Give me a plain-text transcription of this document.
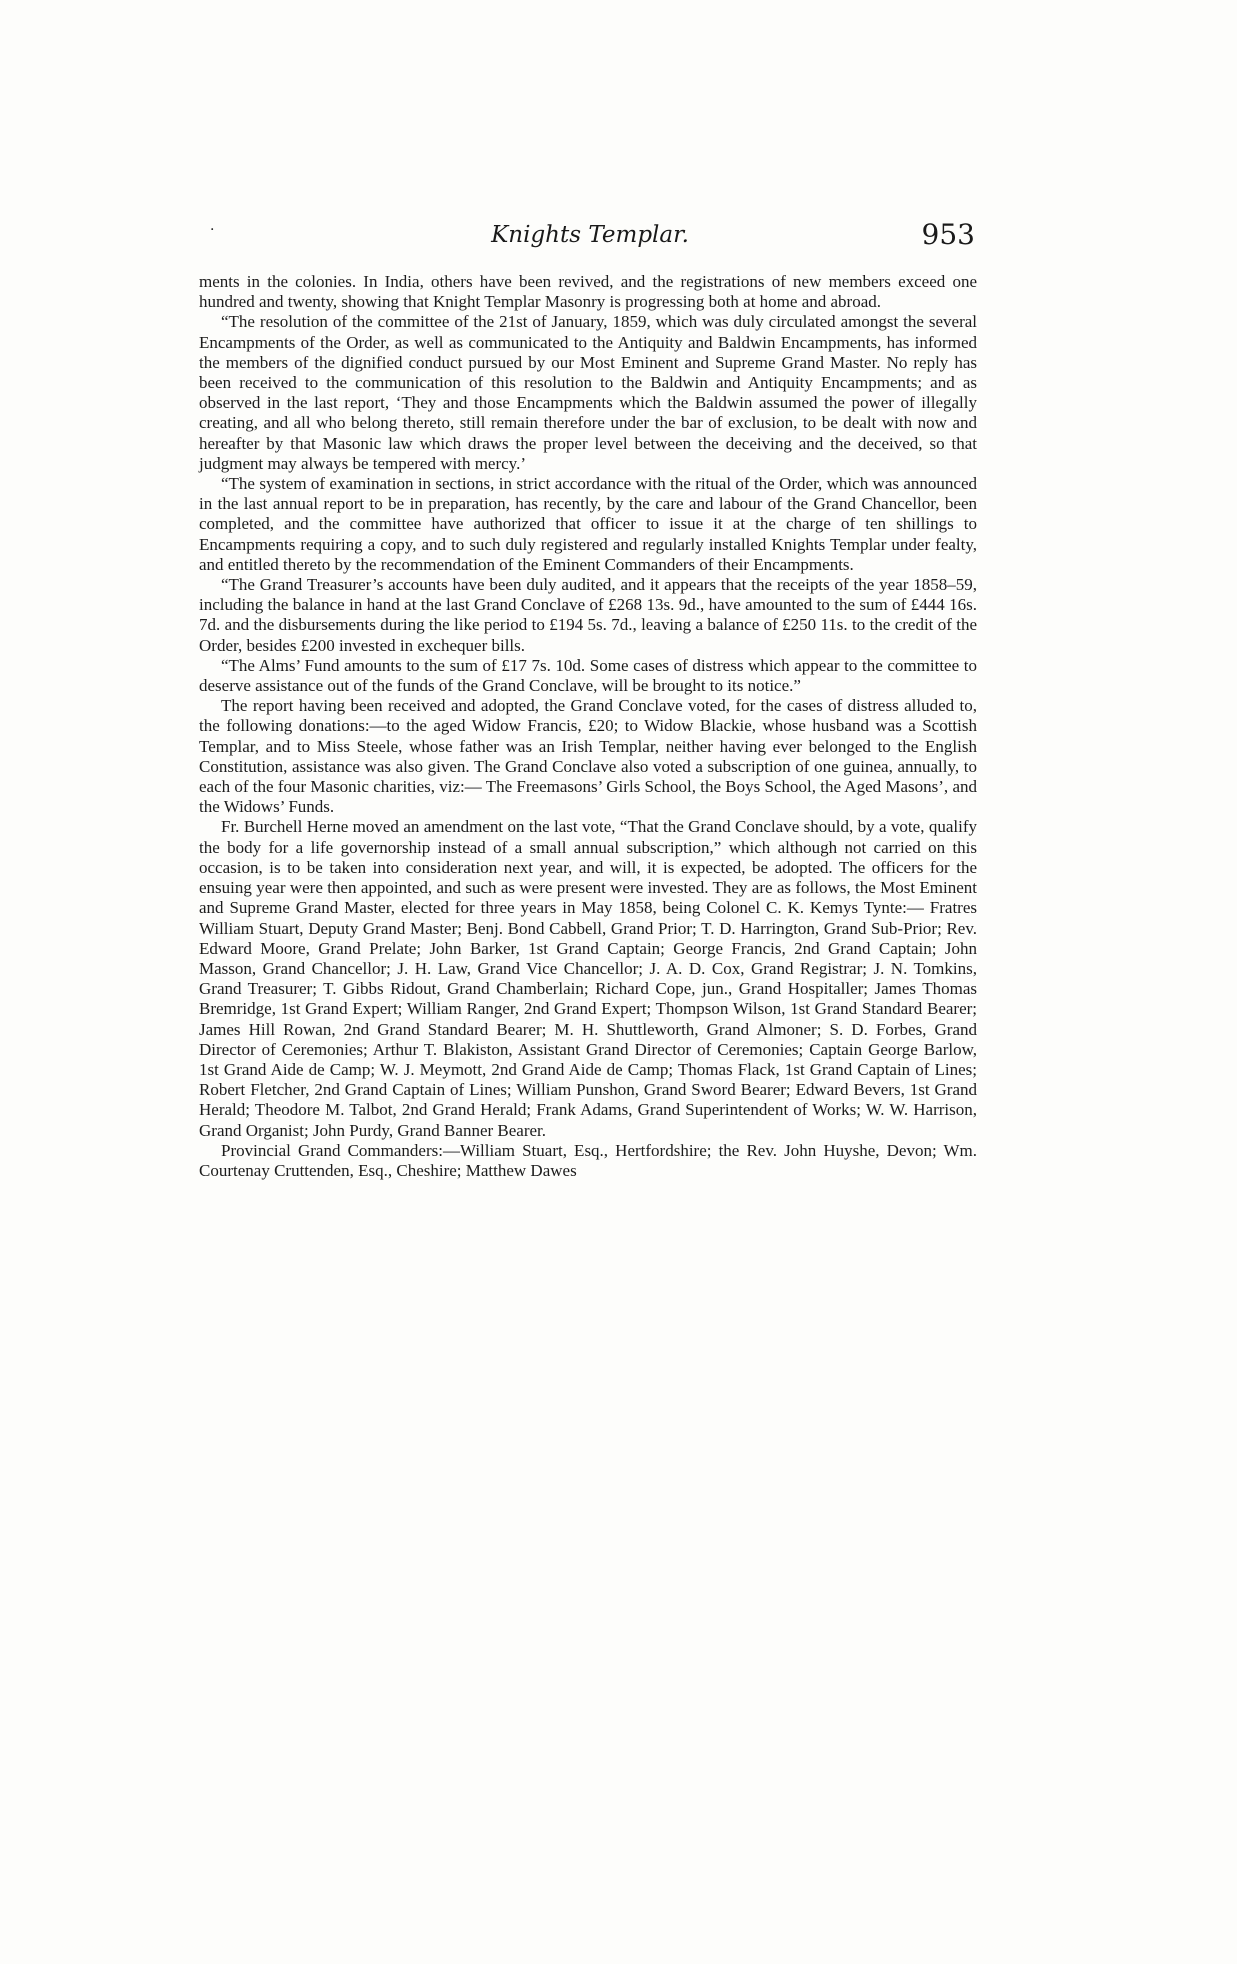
·	Knights Templar.	953

ments in the colonies. In India, others have been revived, and the registrations of new members exceed one hundred and twenty, showing that Knight Templar Masonry is progressing both at home and abroad.

“The resolution of the committee of the 21st of January, 1859, which was duly circulated amongst the several Encampments of the Order, as well as communicated to the Antiquity and Baldwin Encampments, has informed the members of the dignified conduct pursued by our Most Eminent and Supreme Grand Master. No reply has been received to the communication of this resolution to the Baldwin and Antiquity Encampments; and as observed in the last report, ‘They and those Encampments which the Baldwin assumed the power of illegally creating, and all who belong thereto, still remain therefore under the bar of exclusion, to be dealt with now and hereafter by that Masonic law which draws the proper level between the deceiving and the deceived, so that judgment may always be tempered with mercy.’

“The system of examination in sections, in strict accordance with the ritual of the Order, which was announced in the last annual report to be in preparation, has recently, by the care and labour of the Grand Chancellor, been completed, and the committee have authorized that officer to issue it at the charge of ten shillings to Encampments requiring a copy, and to such duly registered and regularly installed Knights Templar under fealty, and entitled thereto by the recommendation of the Eminent Commanders of their Encampments.

“The Grand Treasurer’s accounts have been duly audited, and it appears that the receipts of the year 1858–59, including the balance in hand at the last Grand Conclave of £268 13s. 9d., have amounted to the sum of £444 16s. 7d. and the disbursements during the like period to £194 5s. 7d., leaving a balance of £250 11s. to the credit of the Order, besides £200 invested in exchequer bills.

“The Alms’ Fund amounts to the sum of £17 7s. 10d. Some cases of distress which appear to the committee to deserve assistance out of the funds of the Grand Conclave, will be brought to its notice.”

The report having been received and adopted, the Grand Conclave voted, for the cases of distress alluded to, the following donations:—to the aged Widow Francis, £20; to Widow Blackie, whose husband was a Scottish Templar, and to Miss Steele, whose father was an Irish Templar, neither having ever belonged to the English Constitution, assistance was also given. The Grand Conclave also voted a subscription of one guinea, annually, to each of the four Masonic charities, viz:— The Freemasons’ Girls School, the Boys School, the Aged Masons’, and the Widows’ Funds.

Fr. Burchell Herne moved an amendment on the last vote, “That the Grand Conclave should, by a vote, qualify the body for a life governorship instead of a small annual subscription,” which although not carried on this occasion, is to be taken into consideration next year, and will, it is expected, be adopted. The officers for the ensuing year were then appointed, and such as were present were invested. They are as follows, the Most Eminent and Supreme Grand Master, elected for three years in May 1858, being Colonel C. K. Kemys Tynte:— Fratres William Stuart, Deputy Grand Master; Benj. Bond Cabbell, Grand Prior; T. D. Harrington, Grand Sub-Prior; Rev. Edward Moore, Grand Prelate; John Barker, 1st Grand Captain; George Francis, 2nd Grand Captain; John Masson, Grand Chancellor; J. H. Law, Grand Vice Chancellor; J. A. D. Cox, Grand Registrar; J. N. Tomkins, Grand Treasurer; T. Gibbs Ridout, Grand Chamberlain; Richard Cope, jun., Grand Hospitaller; James Thomas Bremridge, 1st Grand Expert; William Ranger, 2nd Grand Expert; Thompson Wilson, 1st Grand Standard Bearer; James Hill Rowan, 2nd Grand Standard Bearer; M. H. Shuttleworth, Grand Almoner; S. D. Forbes, Grand Director of Ceremonies; Arthur T. Blakiston, Assistant Grand Director of Ceremonies; Captain George Barlow, 1st Grand Aide de Camp; W. J. Meymott, 2nd Grand Aide de Camp; Thomas Flack, 1st Grand Captain of Lines; Robert Fletcher, 2nd Grand Captain of Lines; William Punshon, Grand Sword Bearer; Edward Bevers, 1st Grand Herald; Theodore M. Talbot, 2nd Grand Herald; Frank Adams, Grand Superintendent of Works; W. W. Harrison, Grand Organist; John Purdy, Grand Banner Bearer.

Provincial Grand Commanders:—William Stuart, Esq., Hertfordshire; the Rev. John Huyshe, Devon; Wm. Courtenay Cruttenden, Esq., Cheshire; Matthew Dawes
